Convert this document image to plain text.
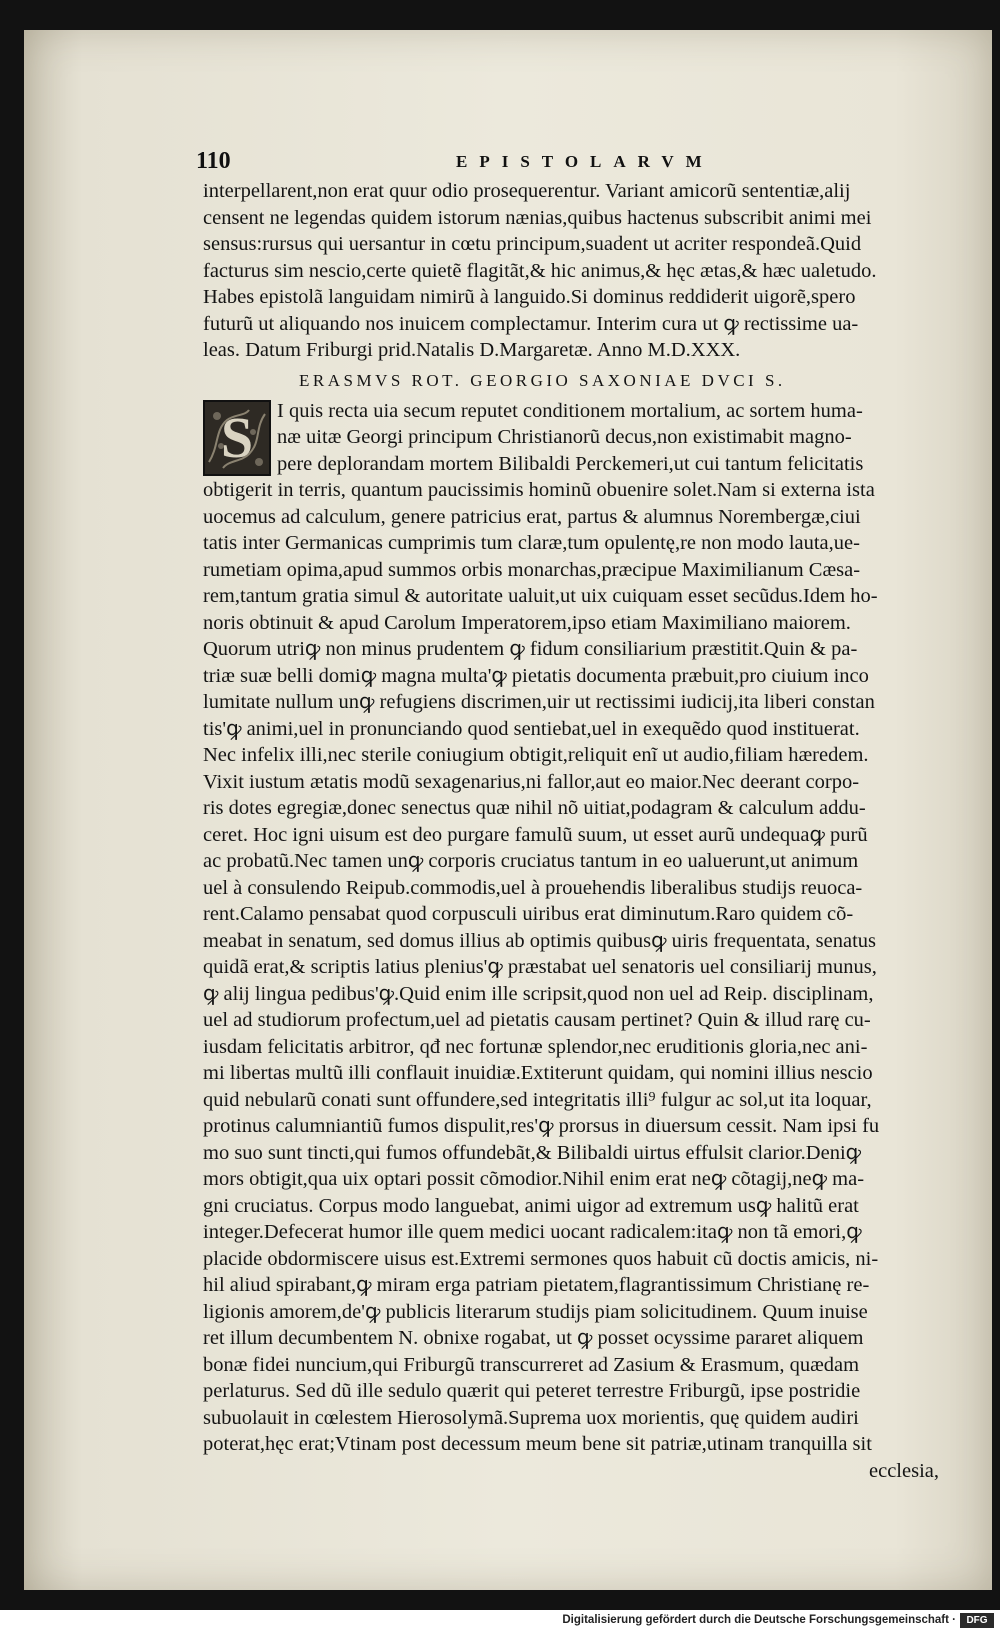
110	EPISTOLARVM
interpellarent,non erat quur odio prosequerentur. Variant amicorũ sententiæ,alij
censent ne legendas quidem istorum nænias,quibus hactenus subscribit animi mei
sensus:rursus qui uersantur in cœtu principum,suadent ut acriter respondeã.Quid
facturus sim nescio,certe quietẽ flagitãt,& hic animus,& hęc ætas,& hæc ualetudo.
Habes epistolã languidam nimirũ à languido.Si dominus reddiderit uigorẽ,spero
futurũ ut aliquando nos inuicem complectamur. Interim cura ut ꝙ rectissime ua-
leas. Datum Friburgi prid.Natalis D.Margaretæ. Anno M.D.XXX.
ERASMVS ROT. GEORGIO SAXONIAE DVCI S.
S	I quis recta uia secum reputet conditionem mortalium, ac sortem huma-
næ uitæ Georgi principum Christianorũ decus,non existimabit magno-
pere deplorandam mortem Bilibaldi Perckemeri,ut cui tantum felicitatis
obtigerit in terris, quantum paucissimis hominũ obuenire solet.Nam si externa ista
uocemus ad calculum, genere patricius erat, partus & alumnus Norembergæ,ciui
tatis inter Germanicas cumprimis tum claræ,tum opulentę,re non modo lauta,ue-
rumetiam opima,apud summos orbis monarchas,præcipue Maximilianum Cæsa-
rem,tantum gratia simul & autoritate ualuit,ut uix cuiquam esset secũdus.Idem ho-
noris obtinuit & apud Carolum Imperatorem,ipso etiam Maximiliano maiorem.
Quorum utriꝙ non minus prudentem ꝙ fidum consiliarium præstitit.Quin & pa-
triæ suæ belli domiꝙ magna multa'ꝙ pietatis documenta præbuit,pro ciuium inco
lumitate nullum unꝙ refugiens discrimen,uir ut rectissimi iudicij,ita liberi constan
tis'ꝙ animi,uel in pronunciando quod sentiebat,uel in exequẽdo quod instituerat.
Nec infelix illi,nec sterile coniugium obtigit,reliquit enĩ ut audio,filiam hæredem.
Vixit iustum ætatis modũ sexagenarius,ni fallor,aut eo maior.Nec deerant corpo-
ris dotes egregiæ,donec senectus quæ nihil nõ uitiat,podagram & calculum addu-
ceret. Hoc igni uisum est deo purgare famulũ suum, ut esset aurũ undequaꝙ purũ
ac probatũ.Nec tamen unꝙ corporis cruciatus tantum in eo ualuerunt,ut animum
uel à consulendo Reipub.commodis,uel à prouehendis liberalibus studijs reuoca-
rent.Calamo pensabat quod corpusculi uiribus erat diminutum.Raro quidem cõ-
meabat in senatum, sed domus illius ab optimis quibusꝙ uiris frequentata, senatus
quidã erat,& scriptis latius plenius'ꝙ præstabat uel senatoris uel consiliarij munus,
ꝙ alij lingua pedibus'ꝙ.Quid enim ille scripsit,quod non uel ad Reip. disciplinam,
uel ad studiorum profectum,uel ad pietatis causam pertinet? Quin & illud rarę cu-
iusdam felicitatis arbitror, qđ nec fortunæ splendor,nec eruditionis gloria,nec ani-
mi libertas multũ illi conflauit inuidiæ.Extiterunt quidam, qui nomini illius nescio
quid nebularũ conati sunt offundere,sed integritatis illi⁹ fulgur ac sol,ut ita loquar,
protinus calumniantiũ fumos dispulit,res'ꝙ prorsus in diuersum cessit. Nam ipsi fu
mo suo sunt tincti,qui fumos offundebãt,& Bilibaldi uirtus effulsit clarior.Deniꝙ
mors obtigit,qua uix optari possit cõmodior.Nihil enim erat neꝙ cõtagij,neꝙ ma-
gni cruciatus. Corpus modo languebat, animi uigor ad extremum usꝙ halitũ erat
integer.Defecerat humor ille quem medici uocant radicalem:itaꝙ non tã emori,ꝙ
placide obdormiscere uisus est.Extremi sermones quos habuit cũ doctis amicis, ni-
hil aliud spirabant,ꝙ miram erga patriam pietatem,flagrantissimum Christianę re-
ligionis amorem,de'ꝙ publicis literarum studijs piam solicitudinem. Quum inuise
ret illum decumbentem N. obnixe rogabat, ut ꝙ posset ocyssime pararet aliquem
bonæ fidei nuncium,qui Friburgũ transcurreret ad Zasium & Erasmum, quædam
perlaturus. Sed dũ ille sedulo quærit qui peteret terrestre Friburgũ, ipse postridie
subuolauit in cœlestem Hierosolymã.Suprema uox morientis, quę quidem audiri
poterat,hęc erat;Vtinam post decessum meum bene sit patriæ,utinam tranquilla sit
ecclesia,
Digitalisierung gefördert durch die Deutsche Forschungsgemeinschaft ·	DFG
